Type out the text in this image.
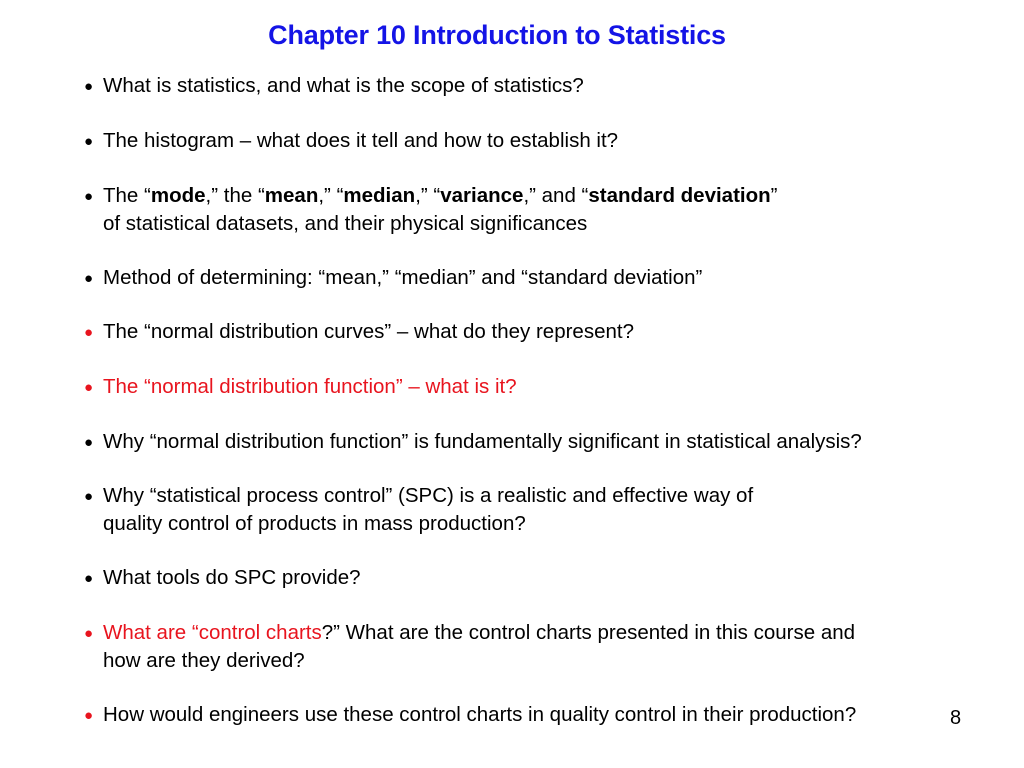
Chapter 10 Introduction to Statistics
● What is statistics, and what is the scope of statistics?
● The histogram – what does it tell and how to establish it?
● The “mode,” the “mean,” “median,” “variance,” and “standard deviation”
of statistical datasets, and their physical significances
● Method of determining: “mean,” “median” and “standard deviation”
● The “normal distribution curves” – what do they represent?
● The “normal distribution function” – what is it?
● Why “normal distribution function” is fundamentally significant in statistical analysis?
● Why “statistical process control” (SPC) is a realistic and effective way of
quality control of products in mass production?
● What tools do SPC provide?
● What are “control charts?” What are the control charts presented in this course and
how are they derived?
● How would engineers use these control charts in quality control in their production?	8
